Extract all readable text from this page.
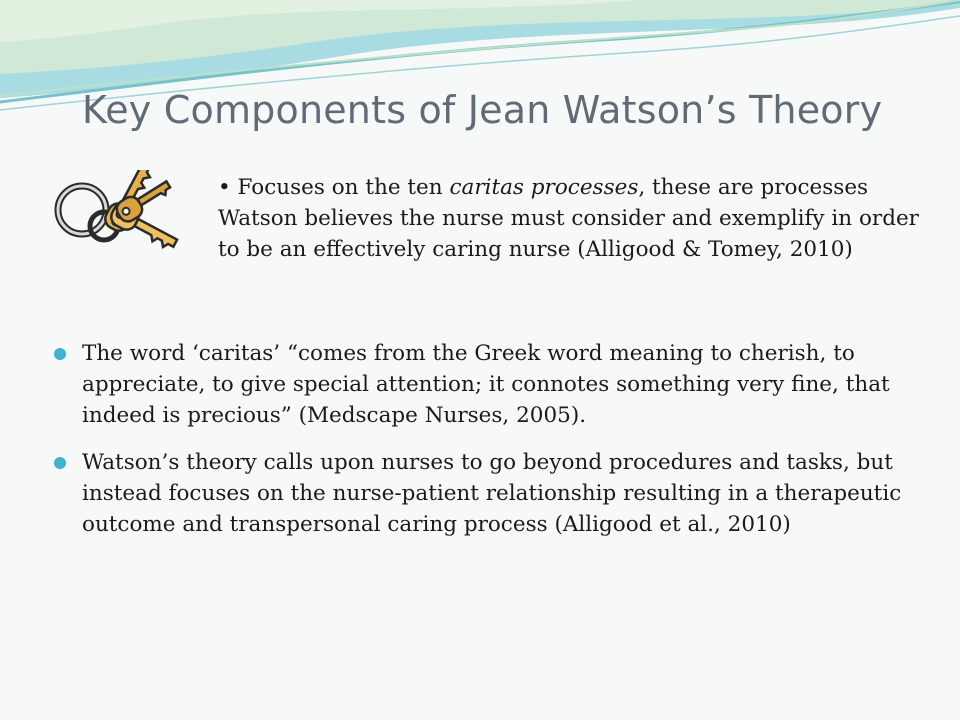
Key Components of Jean Watson’s Theory
• Focuses on the ten caritas processes, these are processes Watson believes the nurse must consider and exemplify in order to be an effectively caring nurse (Alligood & Tomey, 2010)
The word ‘caritas’ “comes from the Greek word meaning to cherish, to appreciate, to give special attention; it connotes something very fine, that indeed is precious” (Medscape Nurses, 2005).
Watson’s theory calls upon nurses to go beyond procedures and tasks, but instead focuses on the nurse-patient relationship resulting in a therapeutic outcome and transpersonal caring process (Alligood et al., 2010)
